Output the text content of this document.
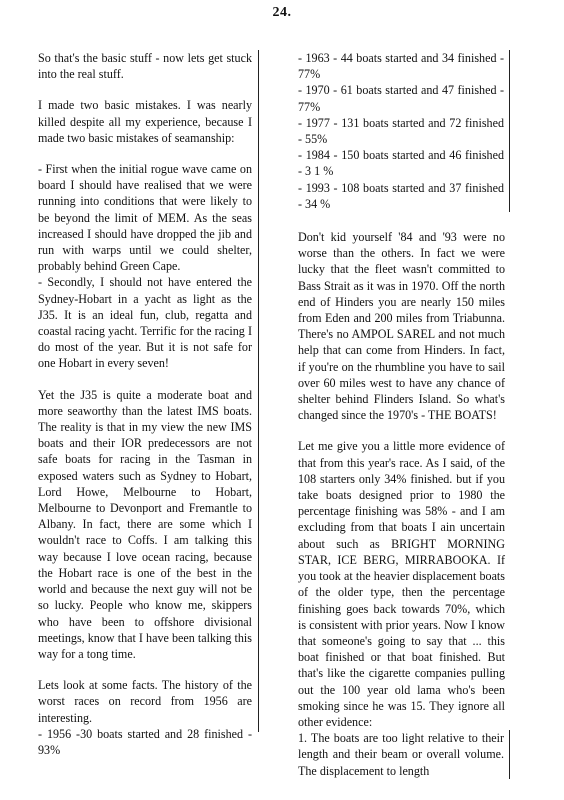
24.

So that's the basic stuff - now lets get stuck into the real stuff.

I made two basic mistakes. I was nearly killed despite all my experience, because I made two basic mistakes of seamanship:

- First when the initial rogue wave came on board I should have realised that we were running into conditions that were likely to be beyond the limit of MEM. As the seas increased I should have dropped the jib and run with warps until we could shelter, probably behind Green Cape.

- Secondly, I should not have entered the Sydney-Hobart in a yacht as light as the J35. It is an ideal fun, club, regatta and coastal racing yacht. Terrific for the racing I do most of the year. But it is not safe for one Hobart in every seven!

Yet the J35 is quite a moderate boat and more seaworthy than the latest IMS boats. The reality is that in my view the new IMS boats and their IOR predecessors are not safe boats for racing in the Tasman in exposed waters such as Sydney to Hobart, Lord Howe, Melbourne to Hobart, Melbourne to Devonport and Fremantle to Albany. In fact, there are some which I wouldn't race to Coffs. I am talking this way because I love ocean racing, because the Hobart race is one of the best in the world and because the next guy will not be so lucky. People who know me, skippers who have been to offshore divisional meetings, know that I have been talking this way for a tong time.

Lets look at some facts. The history of the worst races on record from 1956 are interesting.

- 1956 -30 boats started and 28 finished - 93%

- 1963 - 44 boats started and 34 finished - 77%
- 1970 - 61 boats started and 47 finished - 77%
- 1977 - 131 boats started and 72 finished - 55%
- 1984 - 150 boats started and 46 finished - 3 1 %
- 1993 - 108 boats started and 37 finished - 34 %

Don't kid yourself '84 and '93 were no worse than the others. In fact we were lucky that the fleet wasn't committed to Bass Strait as it was in 1970. Off the north end of Hinders you are nearly 150 miles from Eden and 200 miles from Triabunna. There's no AMPOL SAREL and not much help that can come from Hinders. In fact, if you're on the rhumbline you have to sail over 60 miles west to have any chance of shelter behind Flinders Island. So what's changed since the 1970's - THE BOATS!

Let me give you a little more evidence of that from this year's race. As I said, of the 108 starters only 34% finished. but if you take boats designed prior to 1980 the percentage finishing was 58% - and I am excluding from that boats I ain uncertain about such as BRIGHT MORNING STAR, ICE BERG, MIRRABOOKA. If you took at the heavier displacement boats of the older type, then the percentage finishing goes back towards 70%, which is consistent with prior years. Now I know that someone's going to say that ... this boat finished or that boat finished. But that's like the cigarette companies pulling out the 100 year old lama who's been smoking since he was 15. They ignore all other evidence:

1. The boats are too light relative to their length and their beam or overall volume. The displacement to length
